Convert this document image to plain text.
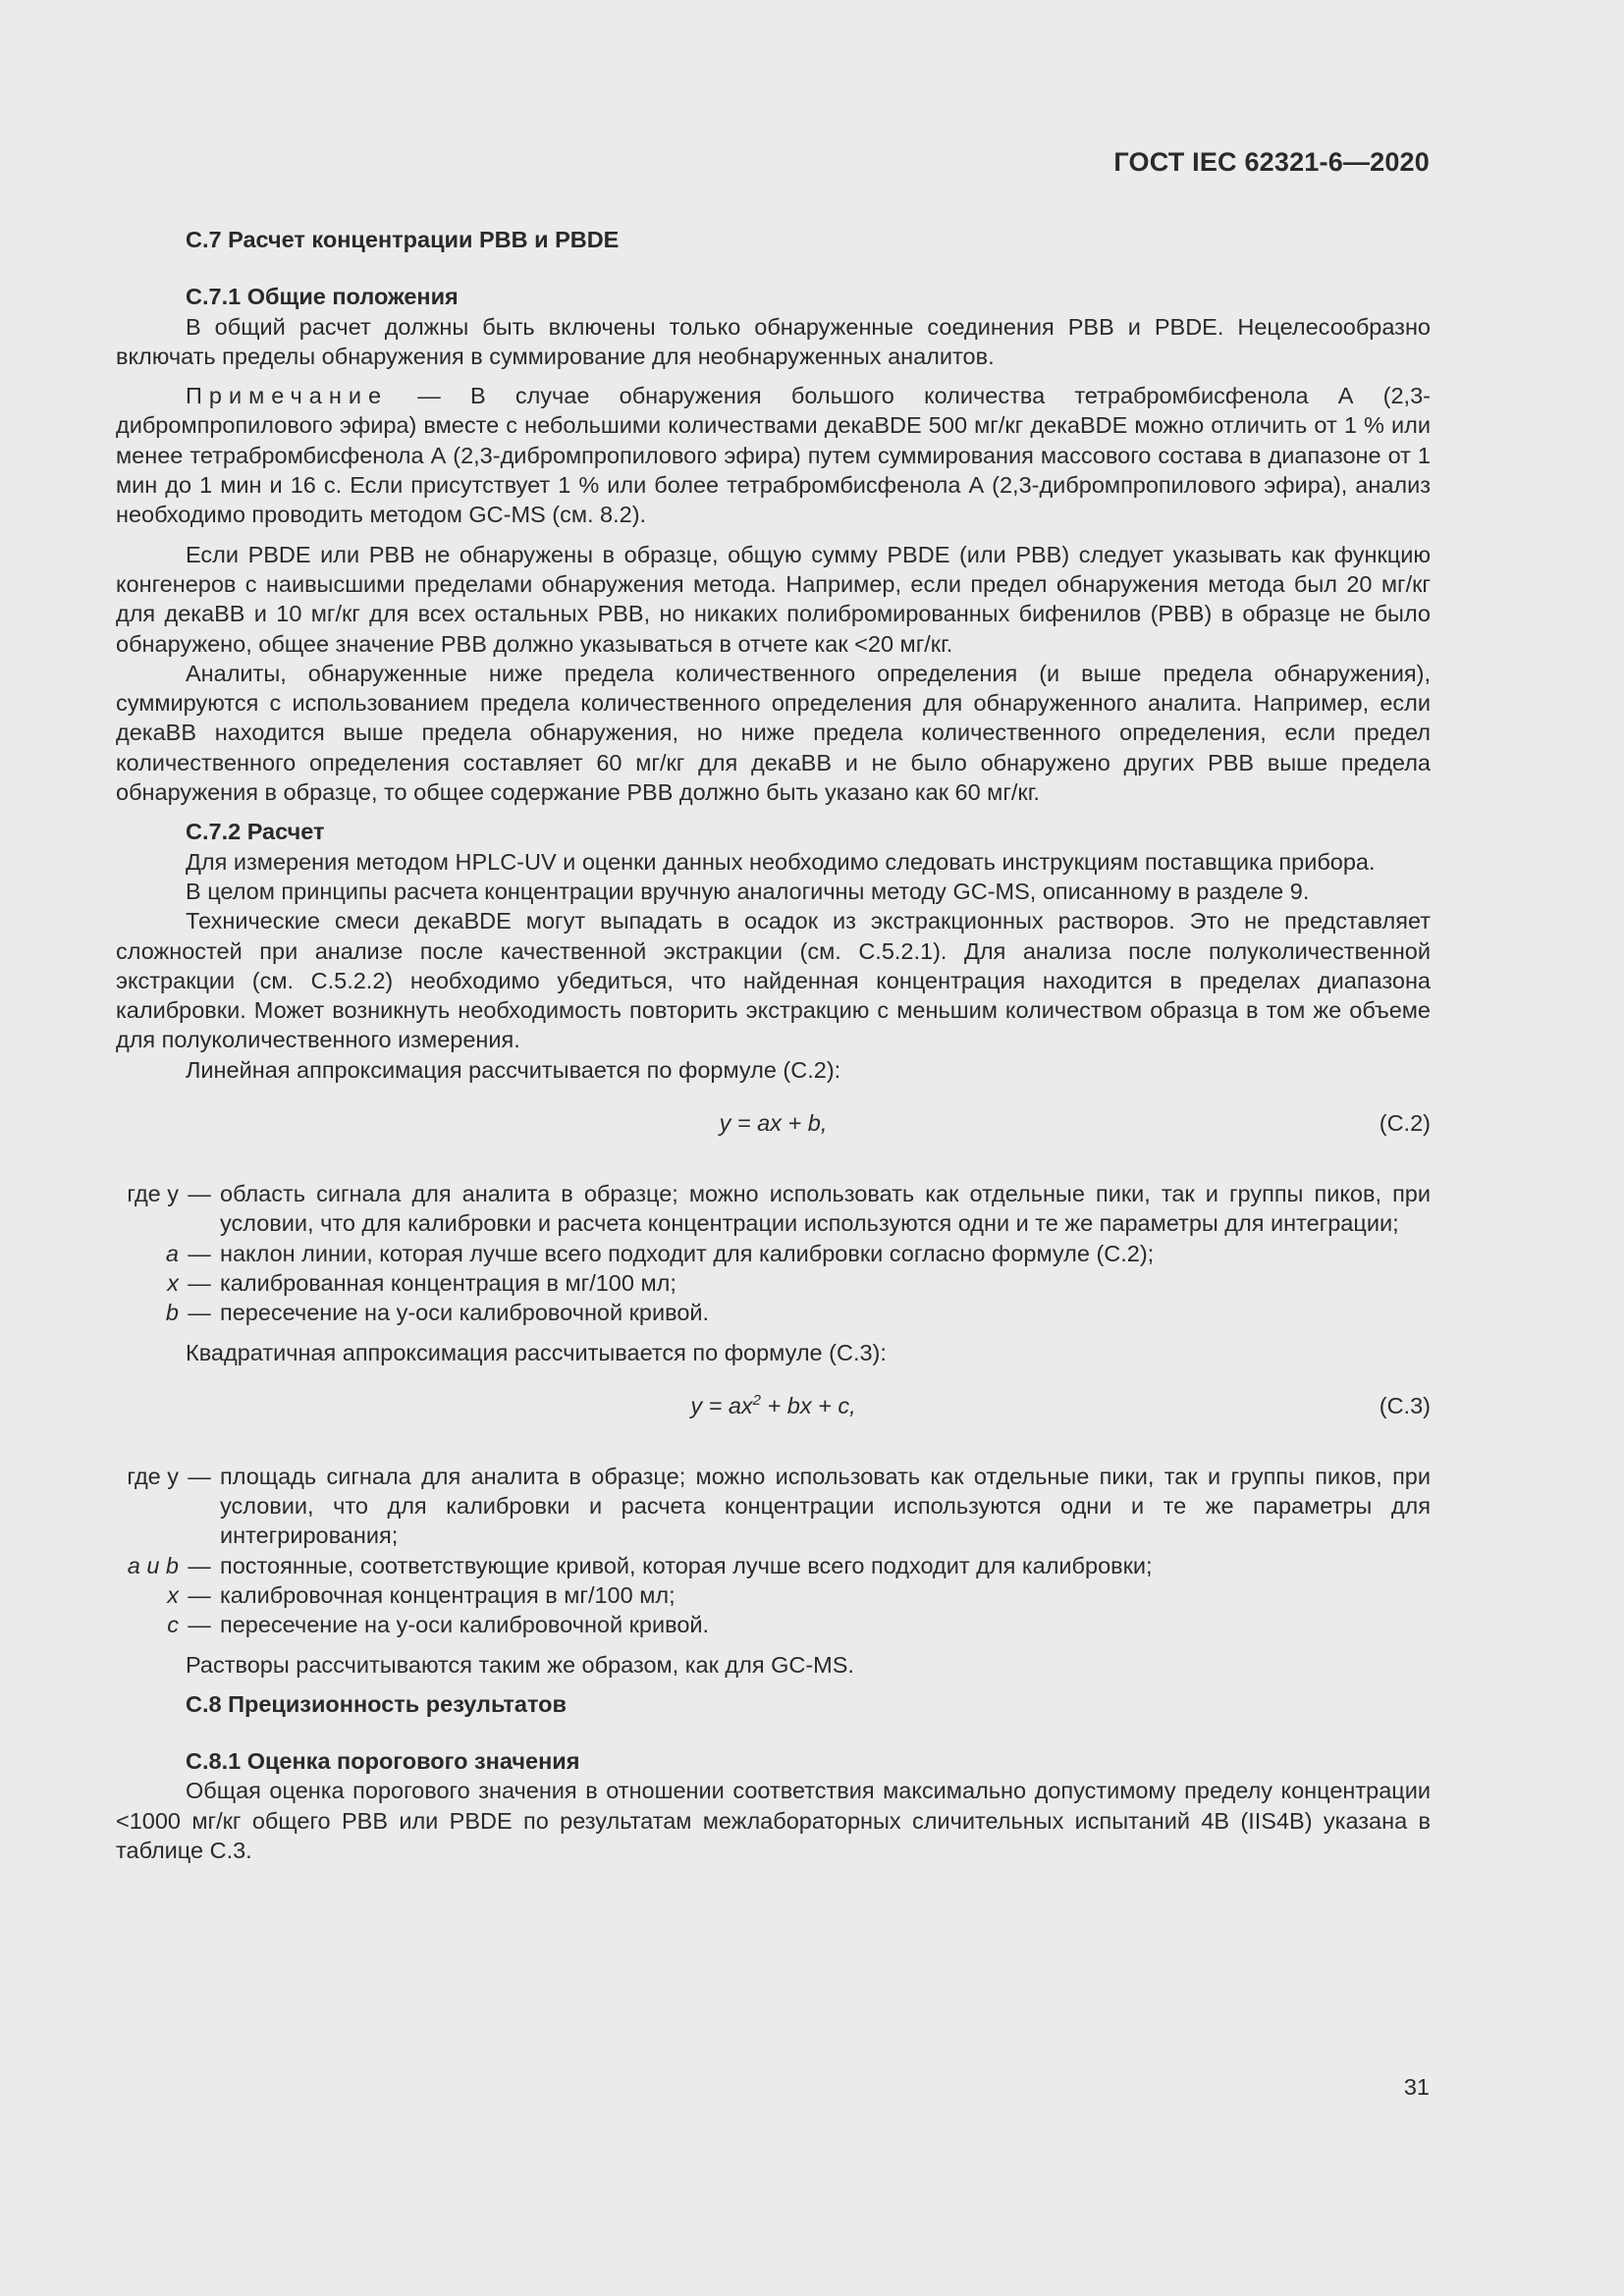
ГОСТ IEC 62321-6—2020
С.7 Расчет концентрации PBB и PBDE
С.7.1 Общие положения

В общий расчет должны быть включены только обнаруженные соединения PBB и PBDE. Нецелесообразно включать пределы обнаружения в суммирование для необнаруженных аналитов.

Примечание — В случае обнаружения большого количества тетрабромбисфенола А (2,3-дибромпропилового эфира) вместе с небольшими количествами декаBDE 500 мг/кг декаBDE можно отличить от 1 % или менее тетрабромбисфенола А (2,3-дибромпропилового эфира) путем суммирования массового состава в диапазоне от 1 мин до 1 мин и 16 с. Если присутствует 1 % или более тетрабромбисфенола А (2,3-дибромпропилового эфира), анализ необходимо проводить методом GC-MS (см. 8.2).

Если PBDE или PBB не обнаружены в образце, общую сумму PBDE (или PBB) следует указывать как функцию конгенеров с наивысшими пределами обнаружения метода. Например, если предел обнаружения метода был 20 мг/кг для декаBB и 10 мг/кг для всех остальных PBB, но никаких полибромированных бифенилов (PBB) в образце не было обнаружено, общее значение PBB должно указываться в отчете как <20 мг/кг.

Аналиты, обнаруженные ниже предела количественного определения (и выше предела обнаружения), суммируются с использованием предела количественного определения для обнаруженного аналита. Например, если декаBB находится выше предела обнаружения, но ниже предела количественного определения, если предел количественного определения составляет 60 мг/кг для декаBB и не было обнаружено других PBB выше предела обнаружения в образце, то общее содержание PBB должно быть указано как 60 мг/кг.

С.7.2 Расчет

Для измерения методом HPLC-UV и оценки данных необходимо следовать инструкциям поставщика прибора.

В целом принципы расчета концентрации вручную аналогичны методу GC-MS, описанному в разделе 9.

Технические смеси декаBDE могут выпадать в осадок из экстракционных растворов. Это не представляет сложностей при анализе после качественной экстракции (см. С.5.2.1). Для анализа после полуколичественной экстракции (см. С.5.2.2) необходимо убедиться, что найденная концентрация находится в пределах диапазона калибровки. Может возникнуть необходимость повторить экстракцию с меньшим количеством образца в том же объеме для полуколичественного измерения.

Линейная аппроксимация рассчитывается по формуле (С.2):

y = ax + b,	(С.2)
где y	—	область сигнала для аналита в образце; можно использовать как отдельные пики, так и группы пиков, при условии, что для калибровки и расчета концентрации используются одни и те же параметры для интеграции;
a	—	наклон линии, которая лучше всего подходит для калибровки согласно формуле (С.2);
x	—	калиброванная концентрация в мг/100 мл;
b	—	пересечение на y-оси калибровочной кривой.

Квадратичная аппроксимация рассчитывается по формуле (С.3):

$y = ax^2$ + bx + c,	(С.3)
где y	—	площадь сигнала для аналита в образце; можно использовать как отдельные пики, так и группы пиков, при условии, что для калибровки и расчета концентрации используются одни и те же параметры для интегрирования;
a и b	—	постоянные, соответствующие кривой, которая лучше всего подходит для калибровки;
x	—	калибровочная концентрация в мг/100 мл;
c	—	пересечение на y-оси калибровочной кривой.

Растворы рассчитываются таким же образом, как для GC-MS.

С.8 Прецизионность результатов
С.8.1 Оценка порогового значения

Общая оценка порогового значения в отношении соответствия максимально допустимому пределу концентрации <1000 мг/кг общего PBB или PBDE по результатам межлабораторных сличительных испытаний 4B (IIS4B) указана в таблице С.3.

31
